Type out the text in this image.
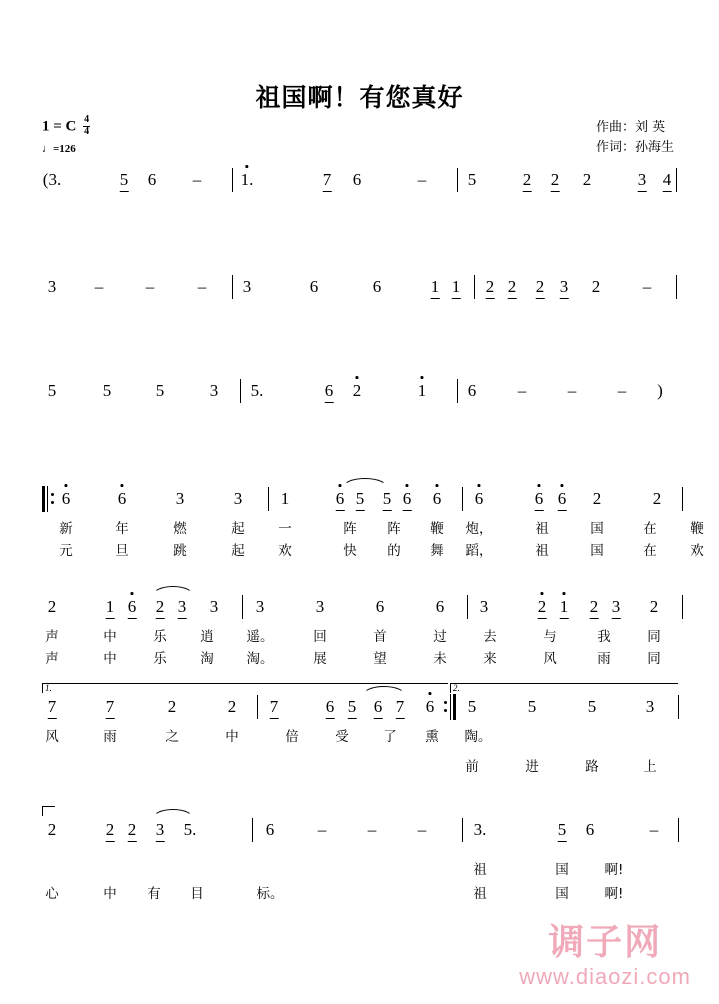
祖国啊！有您真好
1 = C $\frac{4}{4}$
♩=126
作曲：刘 英
作词：孙海生
(3.	5 6 – 1.	7 6	– 5	2 2 2	3 4
3 –	–	– 3	6	6	1 1 2 2 2 3 2	–
5	5	5	3 5.	6 2	1 6 – – – )
6	6	3	3 1	6 5 5 6 6 6	6 6 2	2
新	年	燃	起 一	阵 阵 鞭 炮，	祖	国	在 鞭
元	旦	跳	起 欢	快 的 舞 蹈，	祖	国	在 欢
2	1 6 2 3 3 3	3	6	6 3	2 1 2 3 2
声	中	乐 逍 遥。	回	首	过	去	与	我	同
声	中	乐 淘 淘。	展	望	未	来	风	雨	同
1.	2.
7	7	2	2 7	6 5 6 7 6 5	5	5	3
风	雨	之	中	倍	受	了 熏 陶。
前	进	路	上
2	2 2 3 5.	6	– – –	3.	5 6	–
祖	国	啊!
心	中 有 目	标。	祖	国	啊!
调子网
www.diaozi.com
